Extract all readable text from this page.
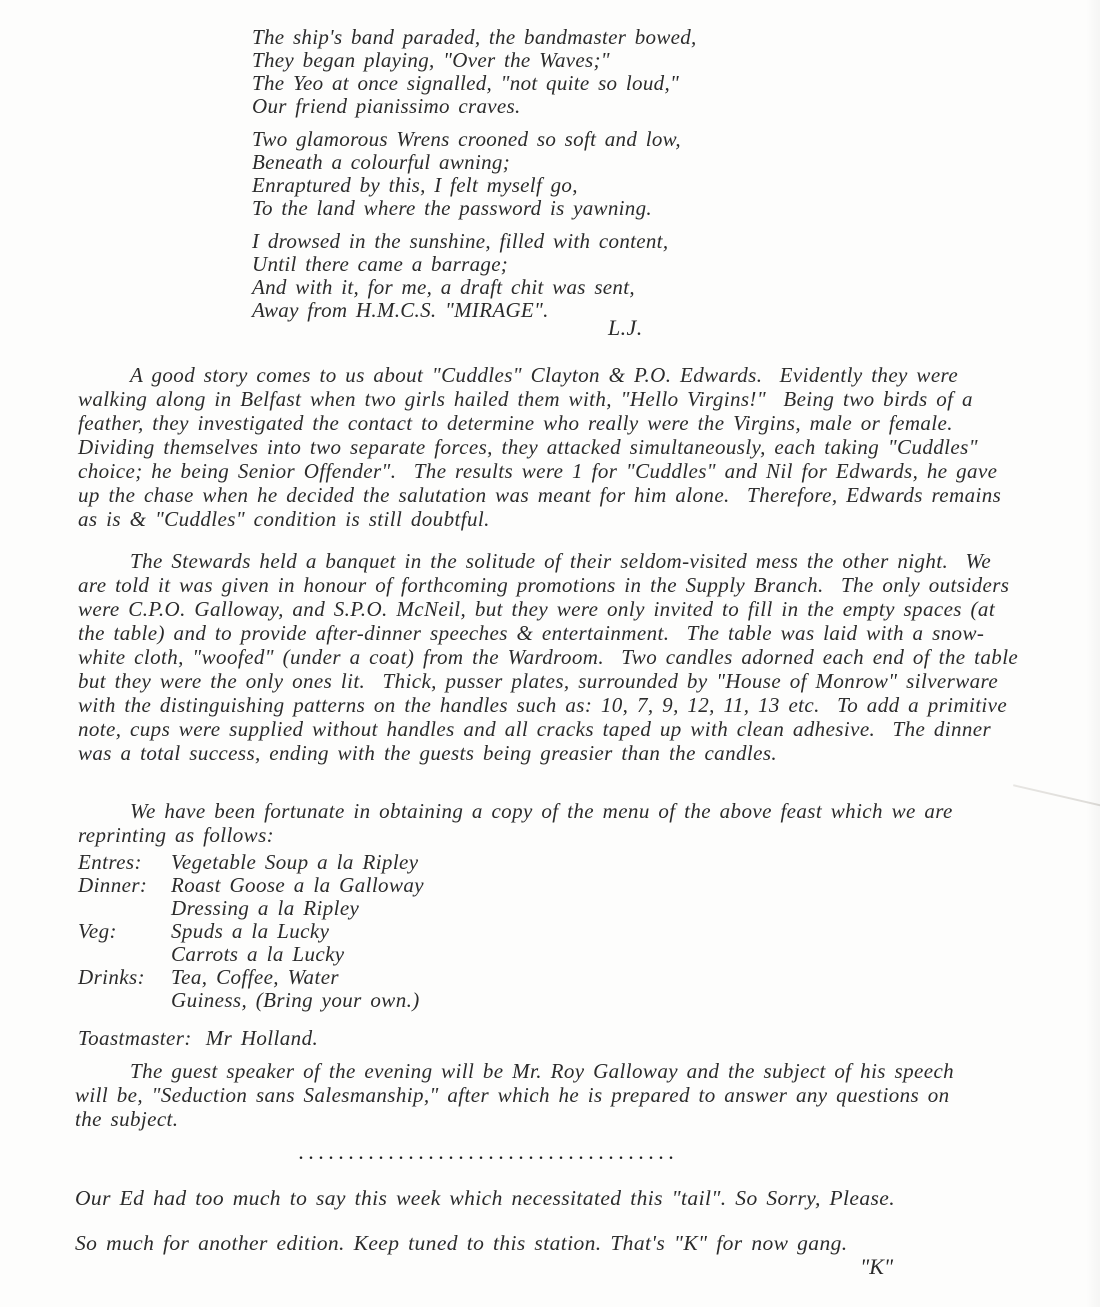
The ship's band paraded, the bandmaster bowed,
They began playing, "Over the Waves;"
The Yeo at once signalled, "not quite so loud,"
Our friend pianissimo craves.
Two glamorous Wrens crooned so soft and low,
Beneath a colourful awning;
Enraptured by this, I felt myself go,
To the land where the password is yawning.
I drowsed in the sunshine, filled with content,
Until there came a barrage;
And with it, for me, a draft chit was sent,
Away from H.M.C.S. "MIRAGE".
L.J.
A good story comes to us about "Cuddles" Clayton & P.O. Edwards.  Evidently they were walking along in Belfast when two girls hailed them with, "Hello Virgins!"  Being two birds of a feather, they investigated the contact to determine who really were the Virgins, male or female.  Dividing themselves into two separate forces, they attacked simultaneously, each taking "Cuddles" choice; he being Senior Offender".  The results were 1 for "Cuddles" and Nil for Edwards, he gave up the chase when he decided the salutation was meant for him alone.  Therefore, Edwards remains as is & "Cuddles" condition is still doubtful.
The Stewards held a banquet in the solitude of their seldom-visited mess the other night.  We are told it was given in honour of forthcoming promotions in the Supply Branch.  The only outsiders were C.P.O. Galloway, and S.P.O. McNeil, but they were only invited to fill in the empty spaces (at the table) and to provide after-dinner speeches & entertainment.  The table was laid with a snow-white cloth, "woofed" (under a coat) from the Wardroom.  Two candles adorned each end of the table but they were the only ones lit.  Thick, pusser plates, surrounded by "House of Monrow" silverware with the distinguishing patterns on the handles such as: 10, 7, 9, 12, 11, 13 etc.  To add a primitive note, cups were supplied without handles and all cracks taped up with clean adhesive.  The dinner was a total success, ending with the guests being greasier than the candles.
We have been fortunate in obtaining a copy of the menu of the above feast which we are reprinting as follows:
Entres:	Vegetable Soup a la Ripley
Dinner:	Roast Goose a la Galloway
Dressing a la Ripley
Veg:	Spuds a la Lucky
Carrots a la Lucky
Drinks:	Tea, Coffee, Water
Guiness, (Bring your own.)
Toastmaster: Mr Holland.
The guest speaker of the evening will be Mr. Roy Galloway and the subject of his speech will be, "Seduction sans Salesmanship," after which he is prepared to answer any questions on the subject.
......................................
Our Ed had too much to say this week which necessitated this "tail". So Sorry, Please.
So much for another edition. Keep tuned to this station. That's "K" for now gang.
"K"
